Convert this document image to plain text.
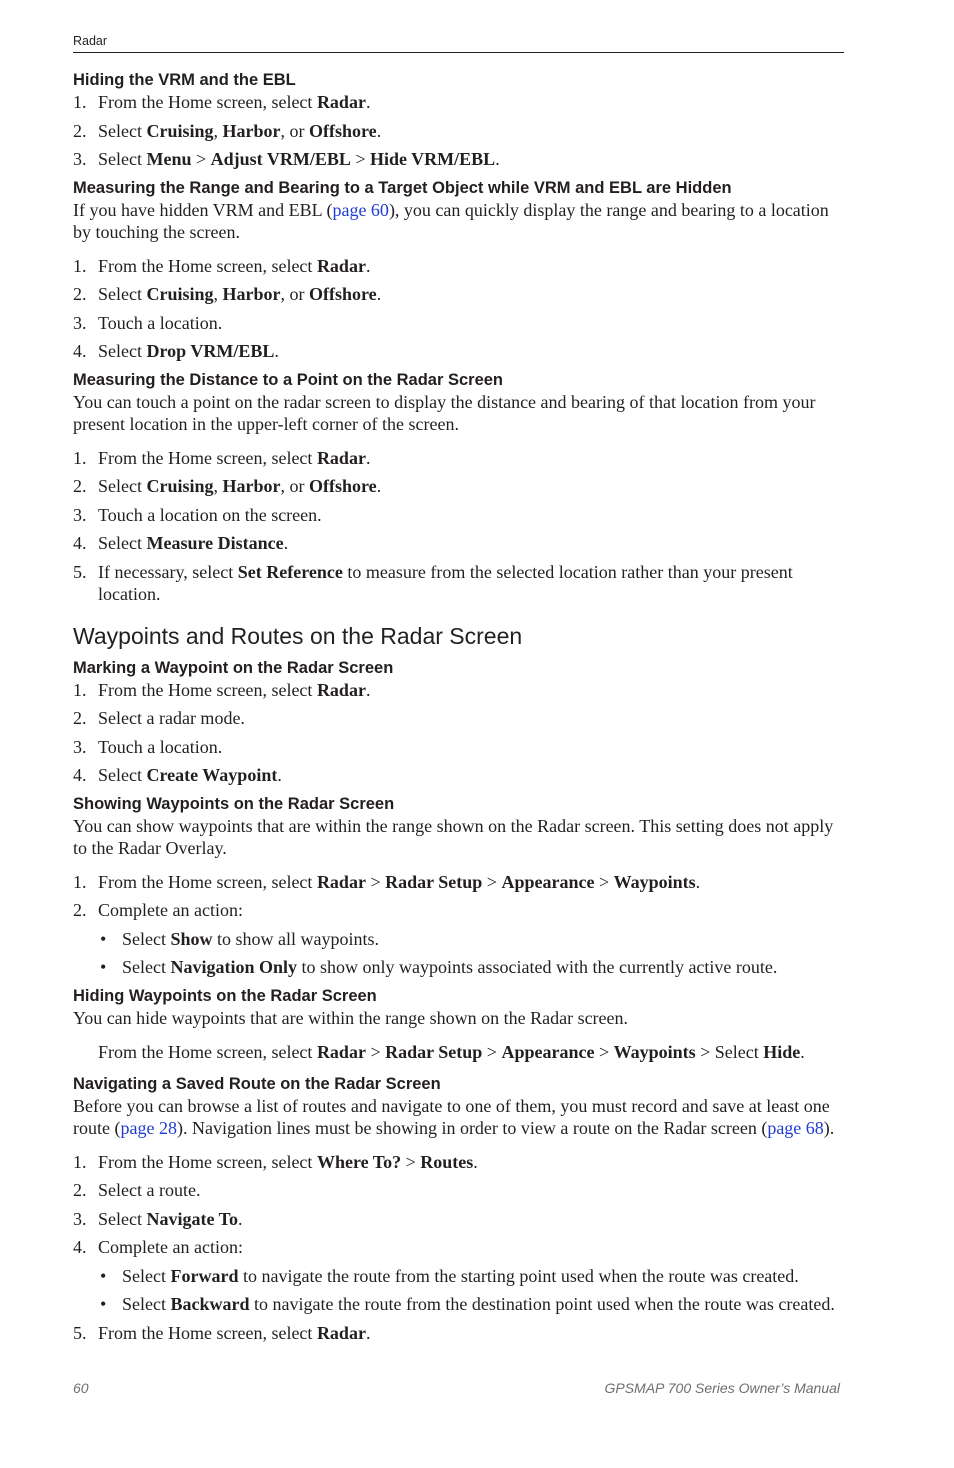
Radar
Hiding the VRM and the EBL
1. From the Home screen, select Radar.
2. Select Cruising, Harbor, or Offshore.
3. Select Menu > Adjust VRM/EBL > Hide VRM/EBL.
Measuring the Range and Bearing to a Target Object while VRM and EBL are Hidden
If you have hidden VRM and EBL (page 60), you can quickly display the range and bearing to a location by touching the screen.
1. From the Home screen, select Radar.
2. Select Cruising, Harbor, or Offshore.
3. Touch a location.
4. Select Drop VRM/EBL.
Measuring the Distance to a Point on the Radar Screen
You can touch a point on the radar screen to display the distance and bearing of that location from your present location in the upper-left corner of the screen.
1. From the Home screen, select Radar.
2. Select Cruising, Harbor, or Offshore.
3. Touch a location on the screen.
4. Select Measure Distance.
5. If necessary, select Set Reference to measure from the selected location rather than your present location.
Waypoints and Routes on the Radar Screen
Marking a Waypoint on the Radar Screen
1. From the Home screen, select Radar.
2. Select a radar mode.
3. Touch a location.
4. Select Create Waypoint.
Showing Waypoints on the Radar Screen
You can show waypoints that are within the range shown on the Radar screen. This setting does not apply to the Radar Overlay.
1. From the Home screen, select Radar > Radar Setup > Appearance > Waypoints.
2. Complete an action:
• Select Show to show all waypoints.
• Select Navigation Only to show only waypoints associated with the currently active route.
Hiding Waypoints on the Radar Screen
You can hide waypoints that are within the range shown on the Radar screen.
From the Home screen, select Radar > Radar Setup > Appearance > Waypoints > Select Hide.
Navigating a Saved Route on the Radar Screen
Before you can browse a list of routes and navigate to one of them, you must record and save at least one route (page 28). Navigation lines must be showing in order to view a route on the Radar screen (page 68).
1. From the Home screen, select Where To? > Routes.
2. Select a route.
3. Select Navigate To.
4. Complete an action:
• Select Forward to navigate the route from the starting point used when the route was created.
• Select Backward to navigate the route from the destination point used when the route was created.
5. From the Home screen, select Radar.
60	GPSMAP 700 Series Owner’s Manual
